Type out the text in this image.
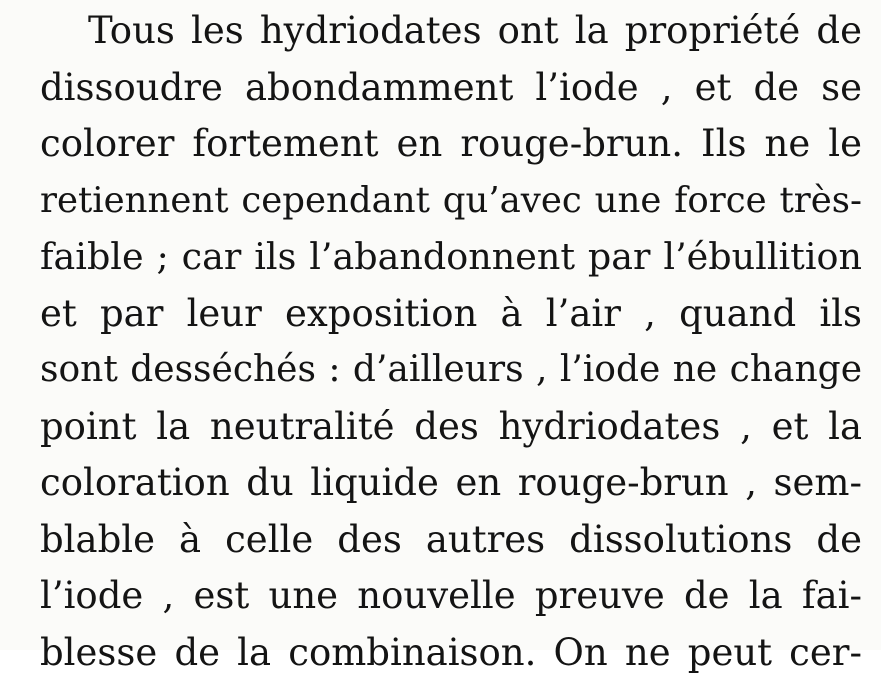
Tous les hydriodates ont la propriété de
dissoudre abondamment l’iode , et de se
colorer fortement en rouge-brun. Ils ne le
retiennent cependant qu’avec une force très-
faible ; car ils l’abandonnent par l’ébullition
et par leur exposition à l’air , quand ils
sont desséchés : d’ailleurs , l’iode ne change
point la neutralité des hydriodates , et la
coloration du liquide en rouge-brun , sem-
blable à celle des autres dissolutions de
l’iode , est une nouvelle preuve de la fai-
blesse de la combinaison. On ne peut cer-
